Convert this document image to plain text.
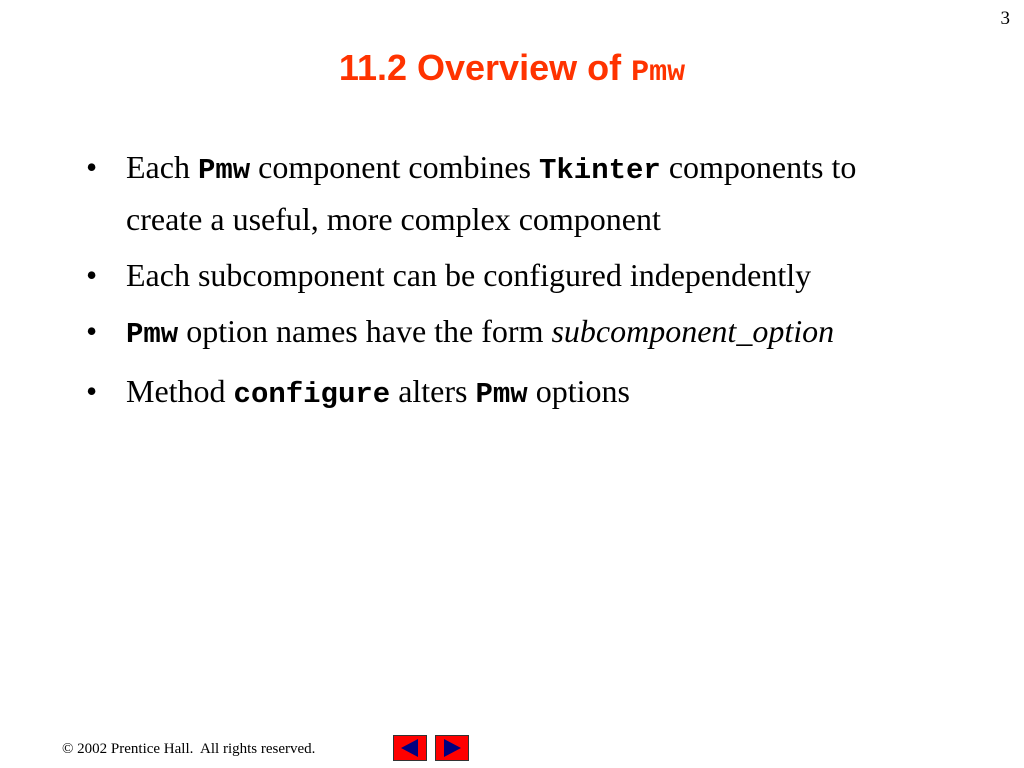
3
11.2 Overview of Pmw
• Each Pmw component combines Tkinter components to create a useful, more complex component
• Each subcomponent can be configured independently
• Pmw option names have the form subcomponent_option
• Method configure alters Pmw options
© 2002 Prentice Hall.  All rights reserved.
